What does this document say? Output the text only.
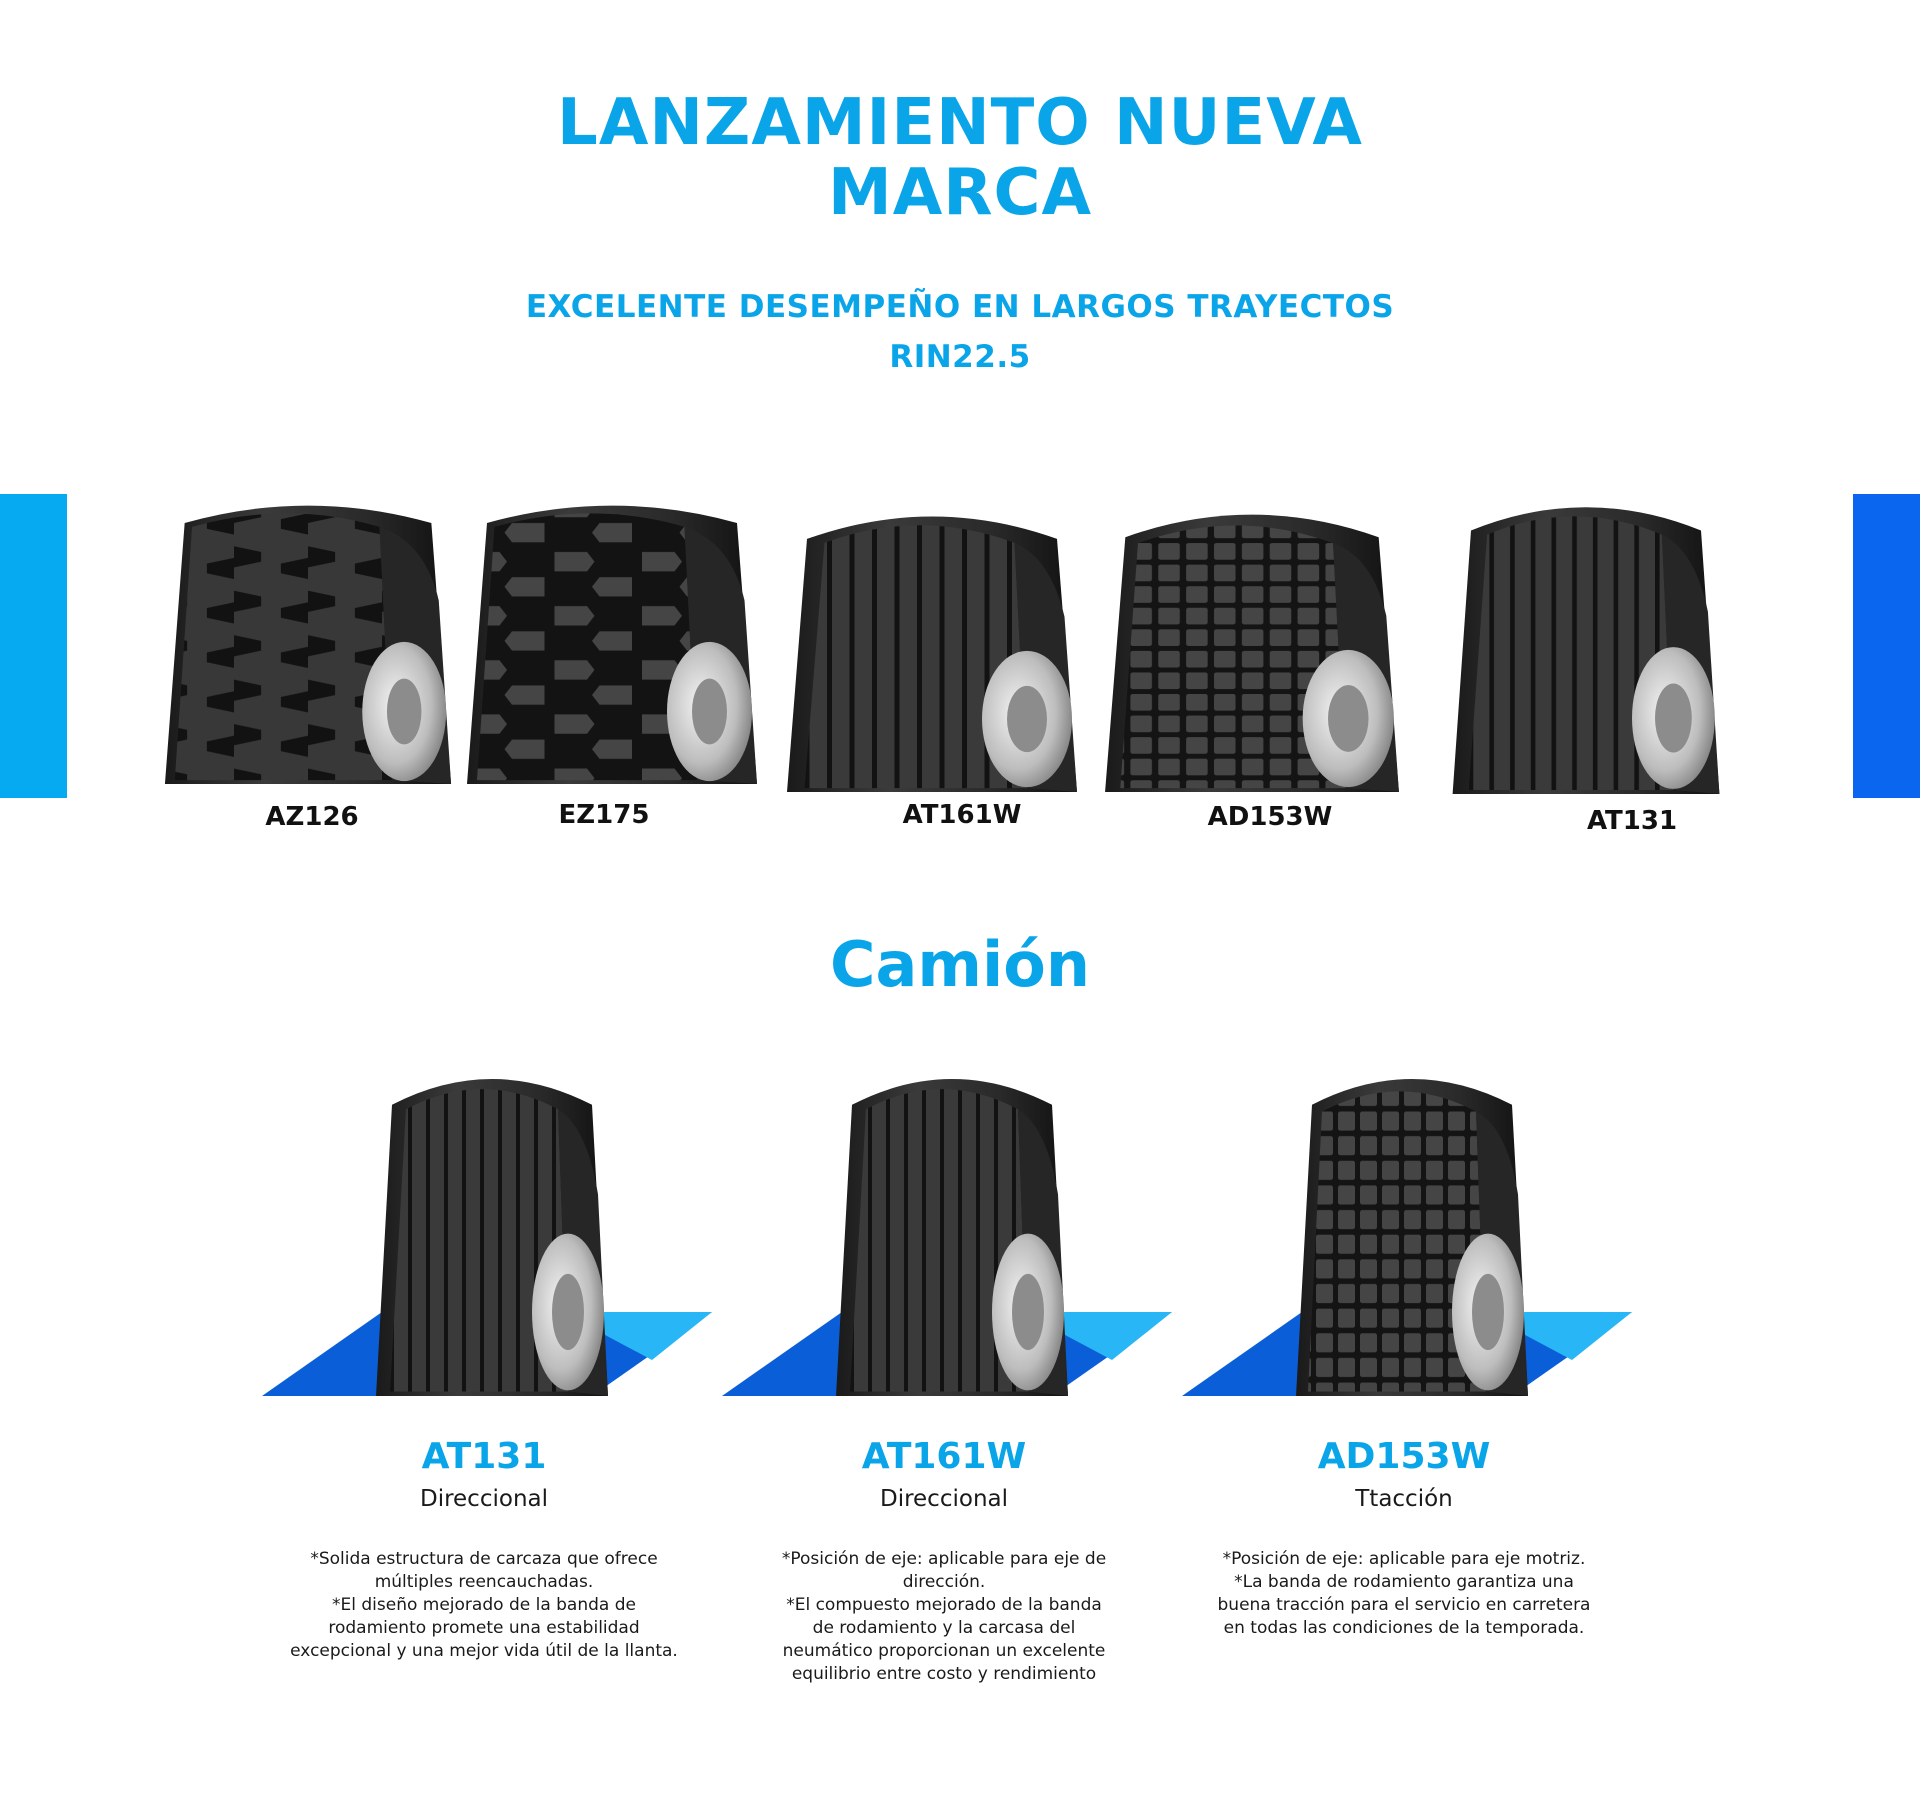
LANZAMIENTO NUEVA
MARCA
EXCELENTE DESEMPEÑO EN LARGOS TRAYECTOS
RIN22.5
AZ126	EZ175	AT161W	AD153W	AT131
Camión
AT131	AT161W	AD153W
Direccional	Direccional	Ttacción

*Solida estructura de carcaza que ofrece múltiples reencauchadas.

*El diseño mejorado de la banda de rodamiento promete una estabilidad excepcional y una mejor vida útil de la llanta.

*Posición de eje: aplicable para eje de dirección.

*El compuesto mejorado de la banda de rodamiento y la carcasa del neumático proporcionan un excelente equilibrio entre costo y rendimiento

*Posición de eje: aplicable para eje motriz.

*La banda de rodamiento garantiza una buena tracción para el servicio en carretera en todas las condiciones de la temporada.
